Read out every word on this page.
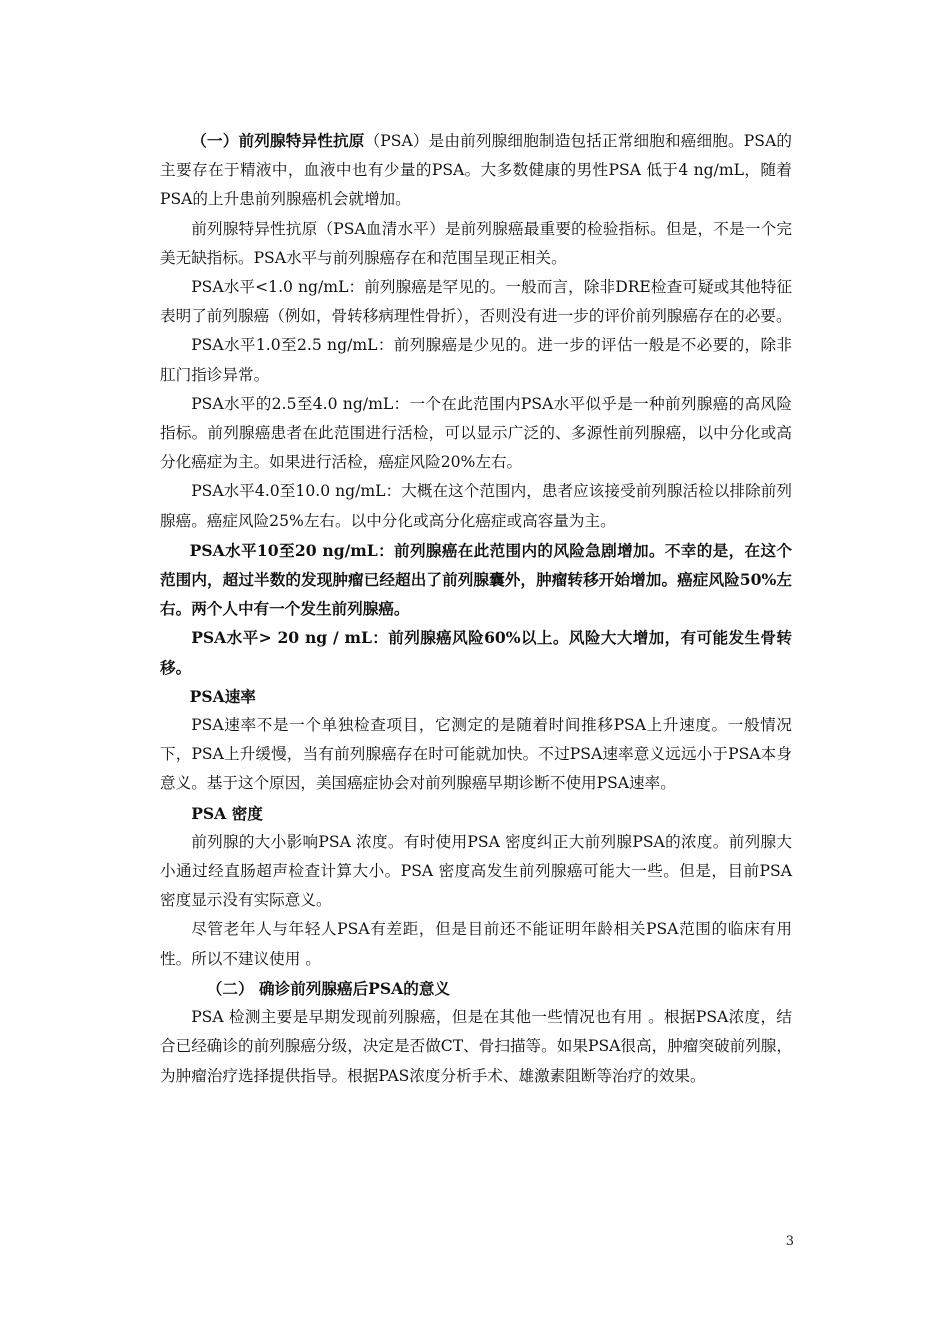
（一）前列腺特异性抗原（PSA）是由前列腺细胞制造包括正常细胞和癌细胞。PSA的主要存在于精液中，血液中也有少量的PSA。大多数健康的男性PSA 低于4 ng/mL，随着PSA的上升患前列腺癌机会就增加。

前列腺特异性抗原（PSA血清水平）是前列腺癌最重要的检验指标。但是，不是一个完美无缺指标。PSA水平与前列腺癌存在和范围呈现正相关。

PSA水平<1.0 ng/mL：前列腺癌是罕见的。一般而言，除非DRE检查可疑或其他特征表明了前列腺癌（例如，骨转移病理性骨折），否则没有进一步的评价前列腺癌存在的必要。

PSA水平1.0至2.5 ng/mL：前列腺癌是少见的。进一步的评估一般是不必要的，除非肛门指诊异常。

PSA水平的2.5至4.0 ng/mL：一个在此范围内PSA水平似乎是一种前列腺癌的高风险指标。前列腺癌患者在此范围进行活检，可以显示广泛的、多源性前列腺癌，以中分化或高分化癌症为主。如果进行活检，癌症风险20%左右。

PSA水平4.0至10.0 ng/mL：大概在这个范围内，患者应该接受前列腺活检以排除前列腺癌。癌症风险25%左右。以中分化或高分化癌症或高容量为主。

PSA水平10至20 ng/mL：前列腺癌在此范围内的风险急剧增加。不幸的是，在这个范围内，超过半数的发现肿瘤已经超出了前列腺囊外，肿瘤转移开始增加。癌症风险50%左右。两个人中有一个发生前列腺癌。

PSA水平> 20 ng / mL：前列腺癌风险60%以上。风险大大增加，有可能发生骨转移。

PSA速率

PSA速率不是一个单独检查项目，它测定的是随着时间推移PSA上升速度。一般情况下，PSA上升缓慢，当有前列腺癌存在时可能就加快。不过PSA速率意义远远小于PSA本身意义。基于这个原因，美国癌症协会对前列腺癌早期诊断不使用PSA速率。

PSA 密度

前列腺的大小影响PSA 浓度。有时使用PSA 密度纠正大前列腺PSA的浓度。前列腺大小通过经直肠超声检查计算大小。PSA 密度高发生前列腺癌可能大一些。但是，目前PSA 密度显示没有实际意义。

尽管老年人与年轻人PSA有差距，但是目前还不能证明年龄相关PSA范围的临床有用性。所以不建议使用 。

（二） 确诊前列腺癌后PSA的意义

PSA 检测主要是早期发现前列腺癌，但是在其他一些情况也有用 。根据PSA浓度，结合已经确诊的前列腺癌分级，决定是否做CT、骨扫描等。如果PSA很高，肿瘤突破前列腺，为肿瘤治疗选择提供指导。根据PAS浓度分析手术、雄激素阻断等治疗的效果。

3
